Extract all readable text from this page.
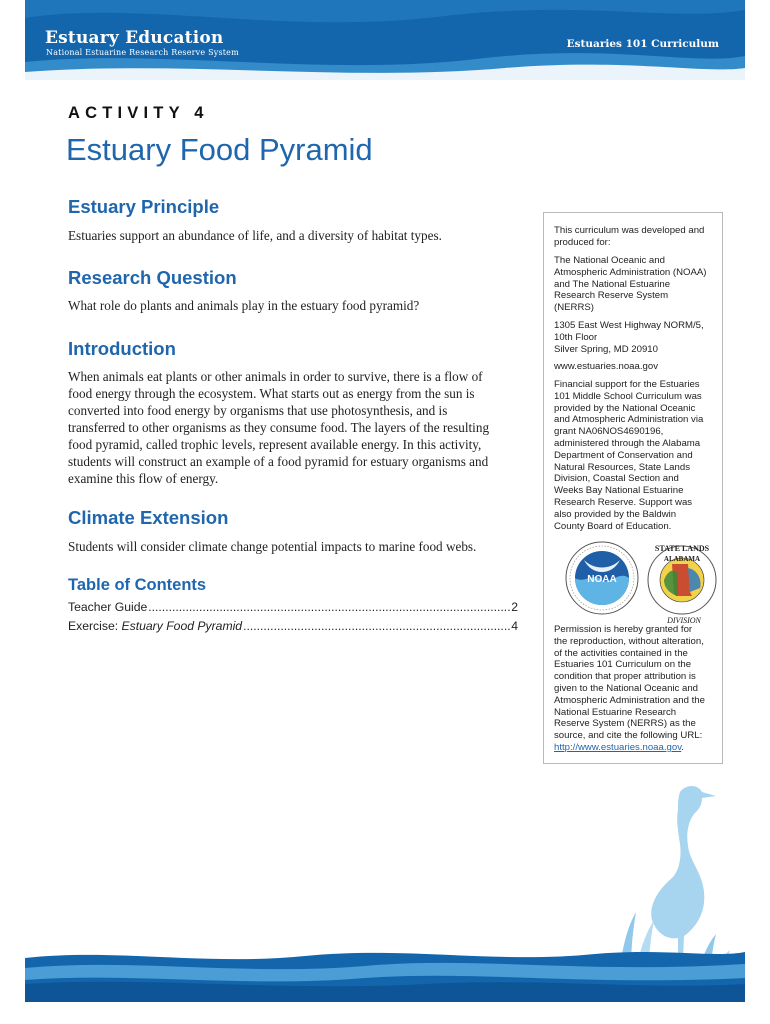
Estuary Education
National Estuarine Research Reserve System
Estuaries 101 Curriculum
ACTIVITY 4
Estuary Food Pyramid
Estuary Principle

Estuaries support an abundance of life, and a diversity of habitat types.

Research Question

What role do plants and animals play in the estuary food pyramid?

Introduction

When animals eat plants or other animals in order to survive, there is a flow of

food energy through the ecosystem. What starts out as energy from the sun is

converted into food energy by organisms that use photosynthesis, and is

transferred to other organisms as they consume food. The layers of the resulting

food pyramid, called trophic levels, represent available energy. In this activity,

students will construct an example of a food pyramid for estuary organisms and

examine this flow of energy.

Climate Extension

Students will consider climate change potential impacts to marine food webs.

Table of Contents
Teacher Guide .....	2
Exercise:
Estuary Food Pyramid .....	4
This curriculum was developed and
produced for:
The National Oceanic and
Atmospheric Administration (NOAA)
and The National Estuarine
Research Reserve System
(NERRS)
1305 East West Highway NORM/5,
10th Floor
Silver Spring, MD 20910
www.estuaries.noaa.gov
Financial support for the Estuaries
101 Middle School Curriculum was
provided by the National Oceanic
and Atmospheric Administration via
grant NA06NOS4690196,
administered through the Alabama
Department of Conservation and
Natural Resources, State Lands
Division, Coastal Section and
Weeks Bay National Estuarine
Research Reserve. Support was
also provided by the Baldwin
County Board of Education.
NOAA
STATE LANDS
ALABAMA
DIVISION
Permission is hereby granted for
the reproduction, without alteration,
of the activities contained in the
Estuaries 101 Curriculum on the
condition that proper attribution is
given to the National Oceanic and
Atmospheric Administration and the
National Estuarine Research
Reserve System (NERRS) as the
source, and cite the following URL:
http://www.estuaries.noaa.gov.
